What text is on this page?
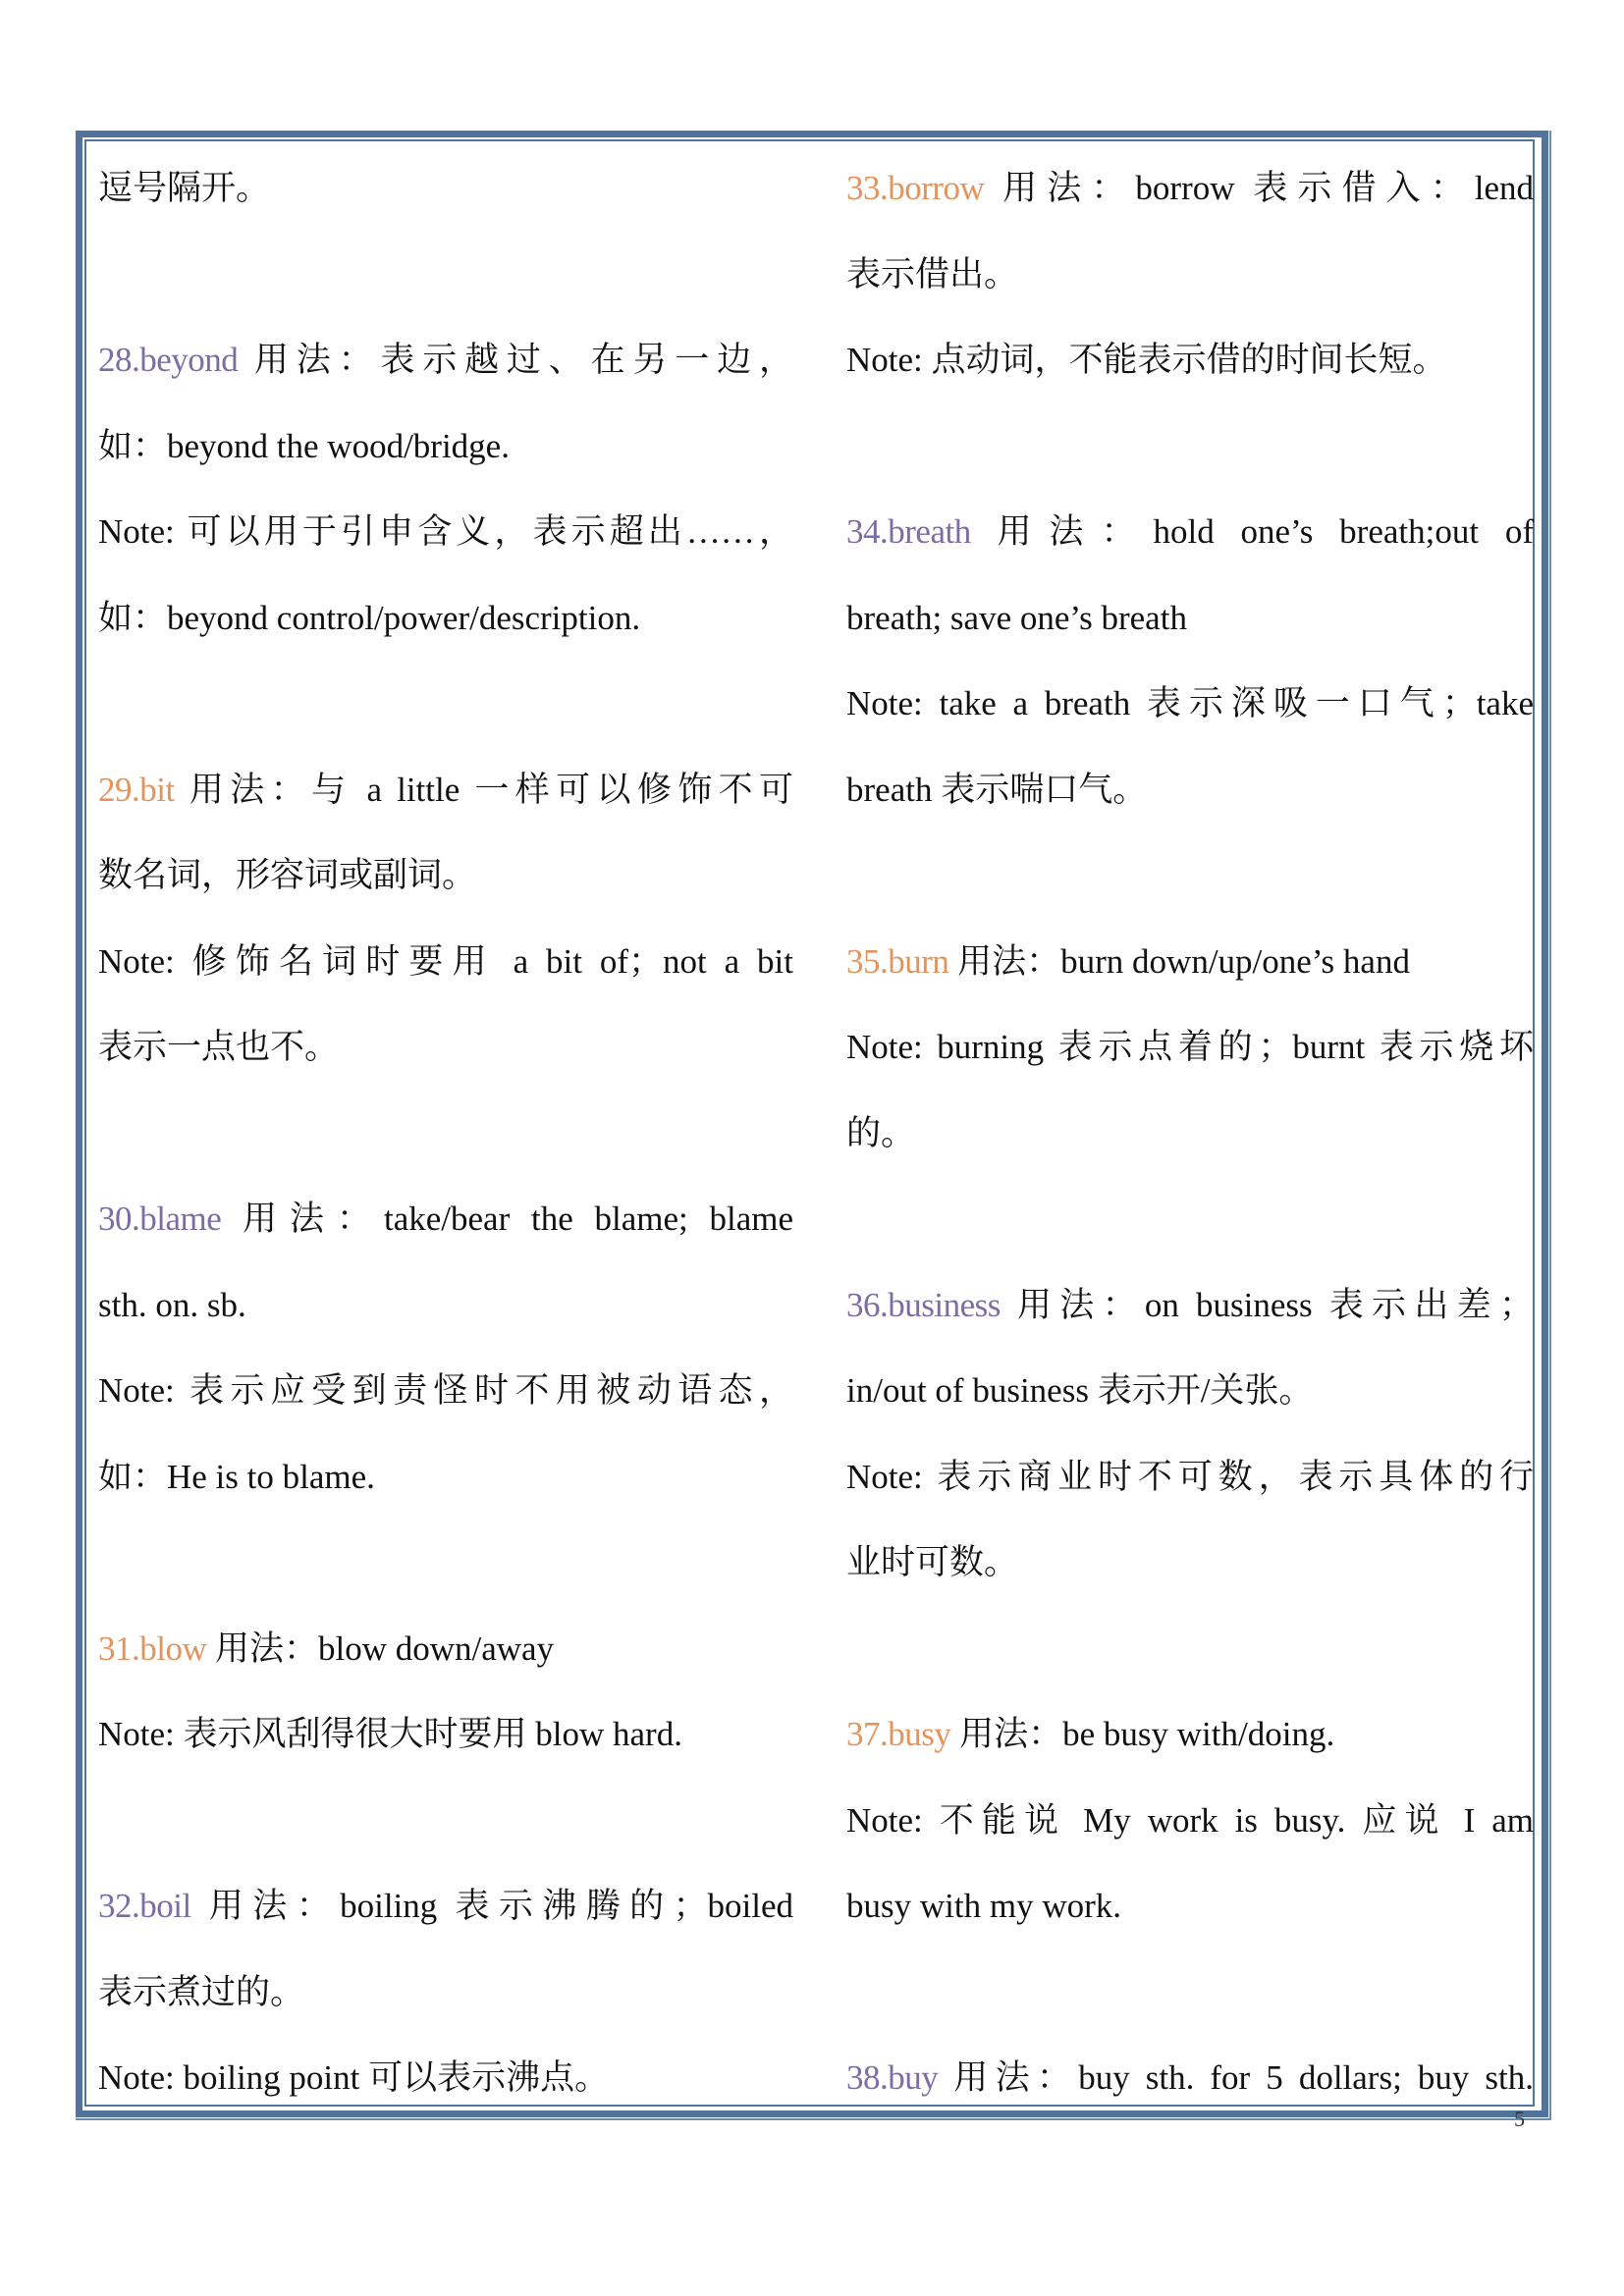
逗号隔开。
28.beyond 用法：表示越过、在另一边，
如：beyond the wood/bridge.
Note: 可以用于引申含义，表示超出……，
如：beyond control/power/description.
29.bit 用法：与 a little 一样可以修饰不可
数名词，形容词或副词。
Note: 修饰名词时要用 a bit of；not a bit
表示一点也不。
30.blame 用法：take/bear the blame; blame
sth. on. sb.
Note: 表示应受到责怪时不用被动语态，
如：He is to blame.
31.blow 用法：blow down/away
Note: 表示风刮得很大时要用 blow hard.
32.boil 用法：boiling 表示沸腾的；boiled
表示煮过的。
Note: boiling point 可以表示沸点。
33.borrow 用法：borrow 表示借入：lend
表示借出。
Note: 点动词，不能表示借的时间长短。
34.breath 用法：hold one’s breath;out of
breath; save one’s breath
Note: take a breath 表示深吸一口气；take
breath 表示喘口气。
35.burn 用法：burn down/up/one’s hand
Note: burning 表示点着的；burnt 表示烧坏
的。
36.business 用法：on business 表示出差；
in/out of business 表示开/关张。
Note: 表示商业时不可数，表示具体的行
业时可数。
37.busy 用法：be busy with/doing.
Note: 不能说 My work is busy. 应说 I am
busy with my work.
38.buy 用法：buy sth. for 5 dollars; buy sth.
5
